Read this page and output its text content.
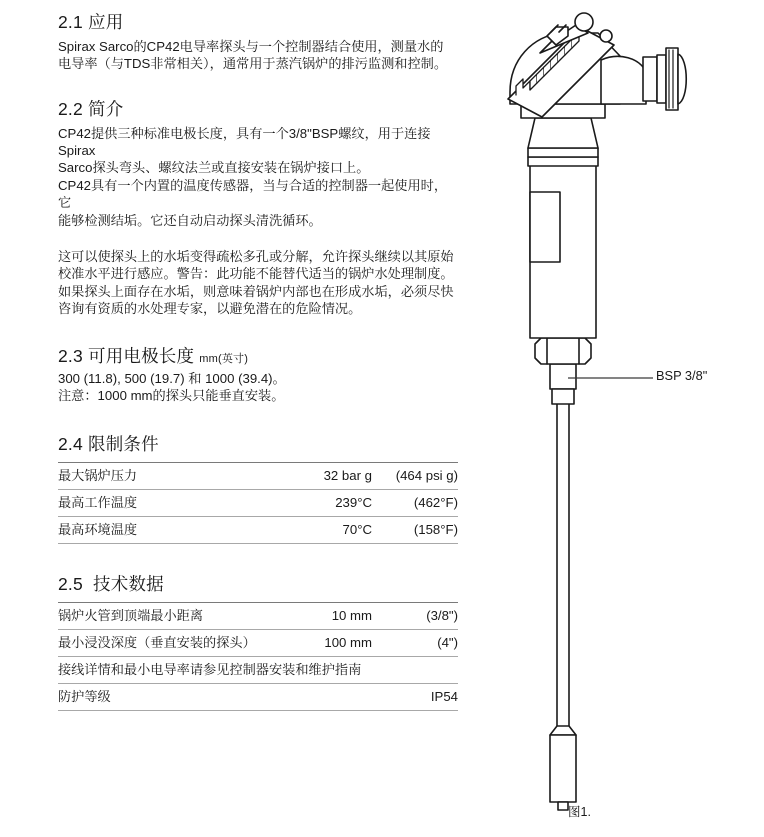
2.1 应用
Spirax Sarco的CP42电导率探头与一个控制器结合使用，测量水的
电导率（与TDS非常相关），通常用于蒸汽锅炉的排污监测和控制。
2.2 简介
CP42提供三种标准电极长度，具有一个3/8"BSP螺纹，用于连接Spirax
Sarco探头弯头、螺纹法兰或直接安装在锅炉接口上。
CP42具有一个内置的温度传感器，当与合适的控制器一起使用时，它
能够检测结垢。它还自动启动探头清洗循环。
这可以使探头上的水垢变得疏松多孔或分解，允许探头继续以其原始
校准水平进行感应。警告：此功能不能替代适当的锅炉水处理制度。
如果探头上面存在水垢，则意味着锅炉内部也在形成水垢，必须尽快
咨询有资质的水处理专家，以避免潜在的危险情况。
2.3 可用电极长度 mm(英寸)
300 (11.8), 500 (19.7) 和 1000 (39.4)。
注意：1000 mm的探头只能垂直安装。
2.4 限制条件
最大锅炉压力	32 bar g	(464 psi g)
最高工作温度	239°C	(462°F)
最高环境温度	70°C	(158°F)
2.5  技术数据
锅炉火管到顶端最小距离	10 mm	(3/8")
最小浸没深度（垂直安装的探头）	100 mm	(4")
接线详情和最小电导率请参见控制器安装和维护指南		
防护等级		IP54
BSP 3/8"
图1.
